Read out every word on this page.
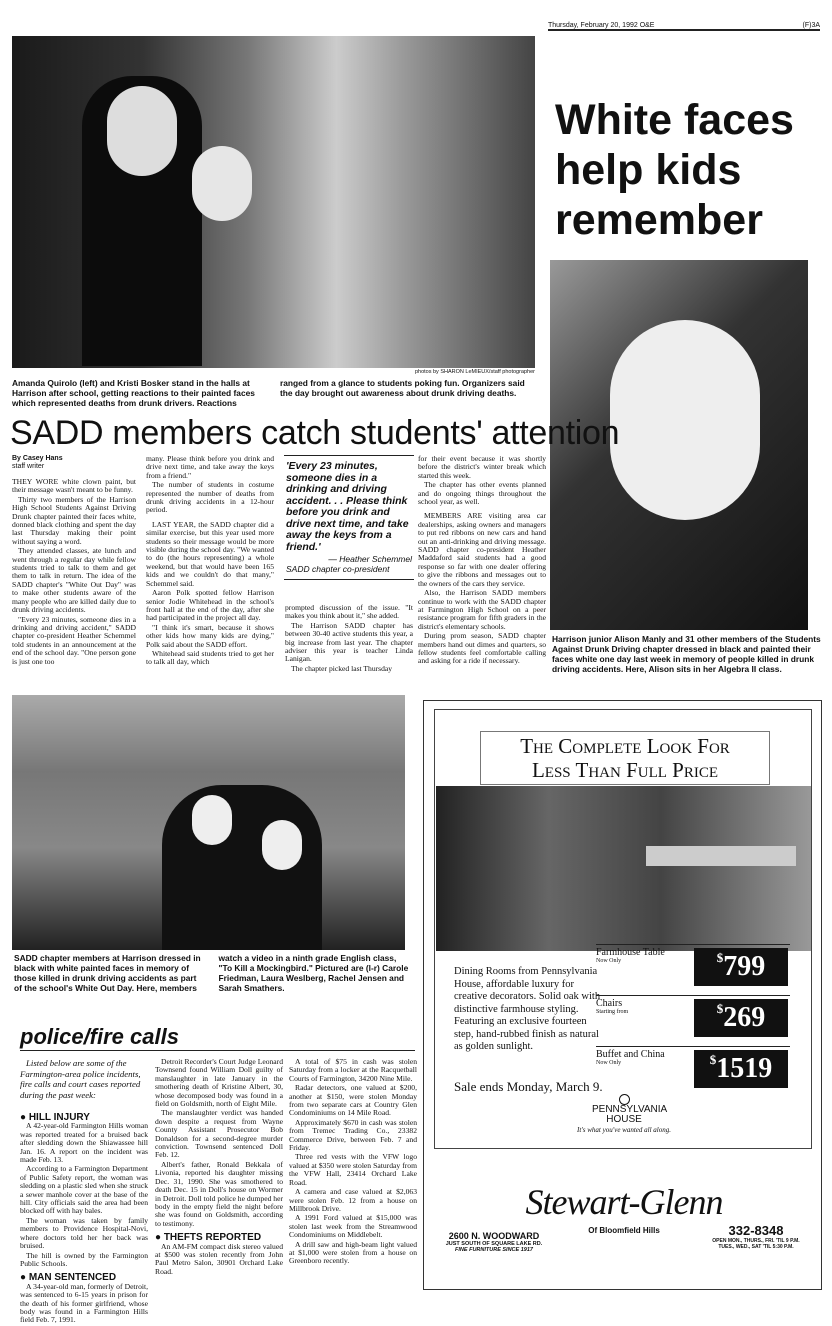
Thursday, February 20, 1992 O&E	(F)3A
White faces help kids remember
photos by SHARON LeMIEUX/staff photographer
Amanda Quirolo (left) and Kristi Bosker stand in the halls at Harrison after school, getting reactions to their painted faces which represented deaths from drunk drivers. Reactions ranged from a glance to students poking fun. Organizers said the day brought out awareness about drunk driving deaths.
SADD members catch students' attention
By Casey Hans
staff writer

THEY WORE white clown paint, but their message wasn't meant to be funny.

Thirty two members of the Harrison High School Students Against Driving Drunk chapter painted their faces white, donned black clothing and spent the day last Thursday making their point without saying a word.

They attended classes, ate lunch and went through a regular day while fellow students tried to talk to them and get them to talk in return. The idea of the SADD chapter's "White Out Day" was to make other students aware of the many people who are killed daily due to drunk driving accidents.

"Every 23 minutes, someone dies in a drinking and driving accident," SADD chapter co-president Heather Schemmel told students in an announcement at the end of the school day. "One person gone is just one too

many. Please think before you drink and drive next time, and take away the keys from a friend."

The number of students in costume represented the number of deaths from drunk driving accidents in a 12-hour period.

LAST YEAR, the SADD chapter did a similar exercise, but this year used more students so their message would be more visible during the school day. "We wanted to do (the hours representing) a whole weekend, but that would have been 165 kids and we couldn't do that many," Schemmel said.

Aaron Polk spotted fellow Harrison senior Jodie Whitehead in the school's front hall at the end of the day, after she had participated in the project all day.

"I think it's smart, because it shows other kids how many kids are dying," Polk said about the SADD effort.

Whitehead said students tried to get her to talk all day, which

'Every 23 minutes, someone dies in a drinking and driving accident. . . Please think before you drink and drive next time, and take away the keys from a friend.'
— Heather Schemmel
SADD chapter co-president

prompted discussion of the issue. "It makes you think about it," she added.

The Harrison SADD chapter has between 30-40 active students this year, a big increase from last year. The chapter adviser this year is teacher Linda Lanigan.

The chapter picked last Thursday

for their event because it was shortly before the district's winter break which started this week.

The chapter has other events planned and do ongoing things throughout the school year, as well.

MEMBERS ARE visiting area car dealerships, asking owners and managers to put red ribbons on new cars and hand out an anti-drinking and driving message. SADD chapter co-president Heather Maddaford said students had a good response so far with one dealer offering to give the ribbons and messages out to the owners of the cars they service.

Also, the Harrison SADD members continue to work with the SADD chapter at Farmington High School on a peer resistance program for fifth graders in the district's elementary schools.

During prom season, SADD chapter members hand out dimes and quarters, so fellow students feel comfortable calling and asking for a ride if necessary.

Harrison junior Alison Manly and 31 other members of the Students Against Drunk Driving chapter dressed in black and painted their faces white one day last week in memory of people killed in drunk driving accidents. Here, Alison sits in her Algebra II class.
SADD chapter members at Harrison dressed in black with white painted faces in memory of those killed in drunk driving accidents as part of the school's White Out Day. Here, members watch a video in a ninth grade English class, "To Kill a Mockingbird." Pictured are (l-r) Carole Friedman, Laura Weslberg, Rachel Jensen and Sarah Smathers.
The Complete Look For
Less Than Full Price
Dining Rooms from Pennsylvania House, affordable luxury for creative decorators. Solid oak with distinctive farmhouse styling. Featuring an exclusive fourteen step, hand-rubbed finish as natural as golden sunlight.
Sale ends Monday, March 9.
Farmhouse Table
Now Only	$799
Chairs
Starting from	$269
Buffet and China
Now Only	$1519
PENNSYLVANIA HOUSE
It's what you've wanted all along.
Stewart-Glenn
Of Bloomfield Hills
2600 N. WOODWARD
JUST SOUTH OF SQUARE LAKE RD.
FINE FURNITURE SINCE 1917
332-8348
OPEN MON., THURS., FRI. 'TIL 9 P.M.
TUES., WED., SAT 'TIL 5:30 P.M.
police/fire calls

Listed below are some of the Farmington-area police incidents, fire calls and court cases reported during the past week:

● HILL INJURY

A 42-year-old Farmington Hills woman was reported treated for a bruised back after sledding down the Shiawassee hill Jan. 16. A report on the incident was made Feb. 13.

According to a Farmington Department of Public Safety report, the woman was sledding on a plastic sled when she struck a sewer manhole cover at the base of the hill. City officials said the area had been blocked off with hay bales.

The woman was taken by family members to Providence Hospital-Novi, where doctors told her her back was bruised.

The hill is owned by the Farmington Public Schools.

● MAN SENTENCED

A 34-year-old man, formerly of Detroit, was sentenced to 6-15 years in prison for the death of his former girlfriend, whose body was found in a Farmington Hills field Feb. 7, 1991.

Detroit Recorder's Court Judge Leonard Townsend found William Doll guilty of manslaughter in late January in the smothering death of Kristine Albert, 30, whose decomposed body was found in a field on Goldsmith, north of Eight Mile.

The manslaughter verdict was handed down despite a request from Wayne County Assistant Prosecutor Bob Donaldson for a second-degree murder conviction. Townsend sentenced Doll Feb. 12.

Albert's father, Ronald Bekkala of Livonia, reported his daughter missing Dec. 31, 1990. She was smothered to death Dec. 15 in Doll's house on Wormer in Detroit. Doll told police he dumped her body in the empty field the night before she was found on Goldsmith, according to testimony.

● THEFTS REPORTED

An AM-FM compact disk stereo valued at $500 was stolen recently from John Paul Metro Salon, 30901 Orchard Lake Road.

A total of $75 in cash was stolen Saturday from a locker at the Racquetball Courts of Farmington, 34200 Nine Mile.

Radar detectors, one valued at $200, another at $150, were stolen Monday from two separate cars at Country Glen Condominiums on 14 Mile Road.

Approximately $670 in cash was stolen from Tremec Trading Co., 23382 Commerce Drive, between Feb. 7 and Friday.

Three red vests with the VFW logo valued at $350 were stolen Saturday from the VFW Hall, 23414 Orchard Lake Road.

A camera and case valued at $2,063 were stolen Feb. 12 from a house on Millbrook Drive.

A 1991 Ford valued at $15,000 was stolen last week from the Streamwood Condominiums on Middlebelt.

A drill saw and high-beam light valued at $1,000 were stolen from a house on Greenboro recently.
